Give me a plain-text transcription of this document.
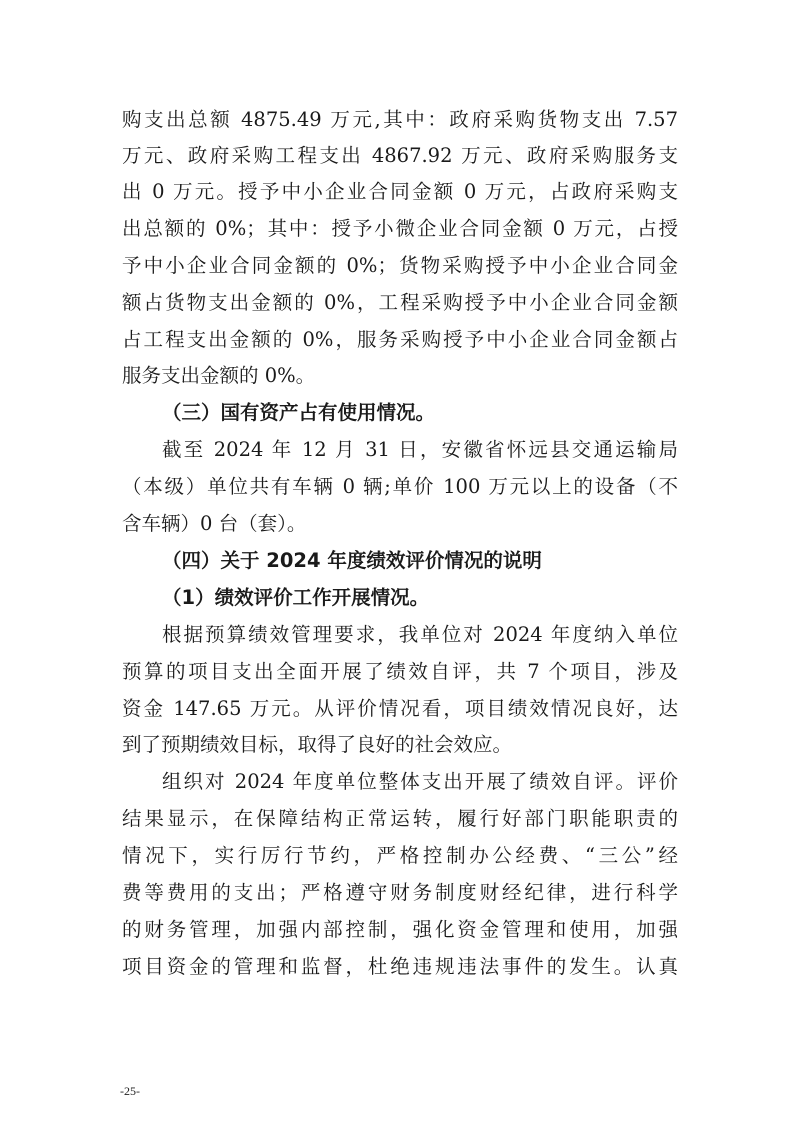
购支出总额 4875.49 万元,其中：政府采购货物支出 7.57
万元、政府采购工程支出 4867.92 万元、政府采购服务支
出 0 万元。授予中小企业合同金额 0 万元，占政府采购支
出总额的 0%；其中：授予小微企业合同金额 0 万元，占授
予中小企业合同金额的 0%；货物采购授予中小企业合同金
额占货物支出金额的 0%，工程采购授予中小企业合同金额
占工程支出金额的 0%，服务采购授予中小企业合同金额占
服务支出金额的 0%。
（三）国有资产占有使用情况。
截至 2024 年 12 月 31 日，安徽省怀远县交通运输局
（本级）单位共有车辆 0 辆;单价 100 万元以上的设备（不
含车辆）0 台（套）。
（四）关于 2024 年度绩效评价情况的说明
（1）绩效评价工作开展情况。
根据预算绩效管理要求，我单位对 2024 年度纳入单位
预算的项目支出全面开展了绩效自评，共 7 个项目，涉及
资金 147.65 万元。从评价情况看，项目绩效情况良好，达
到了预期绩效目标，取得了良好的社会效应。
组织对 2024 年度单位整体支出开展了绩效自评。评价
结果显示，在保障结构正常运转，履行好部门职能职责的
情况下，实行厉行节约，严格控制办公经费、“三公”经
费等费用的支出；严格遵守财务制度财经纪律，进行科学
的财务管理，加强内部控制，强化资金管理和使用，加强
项目资金的管理和监督，杜绝违规违法事件的发生。认真
-25-
